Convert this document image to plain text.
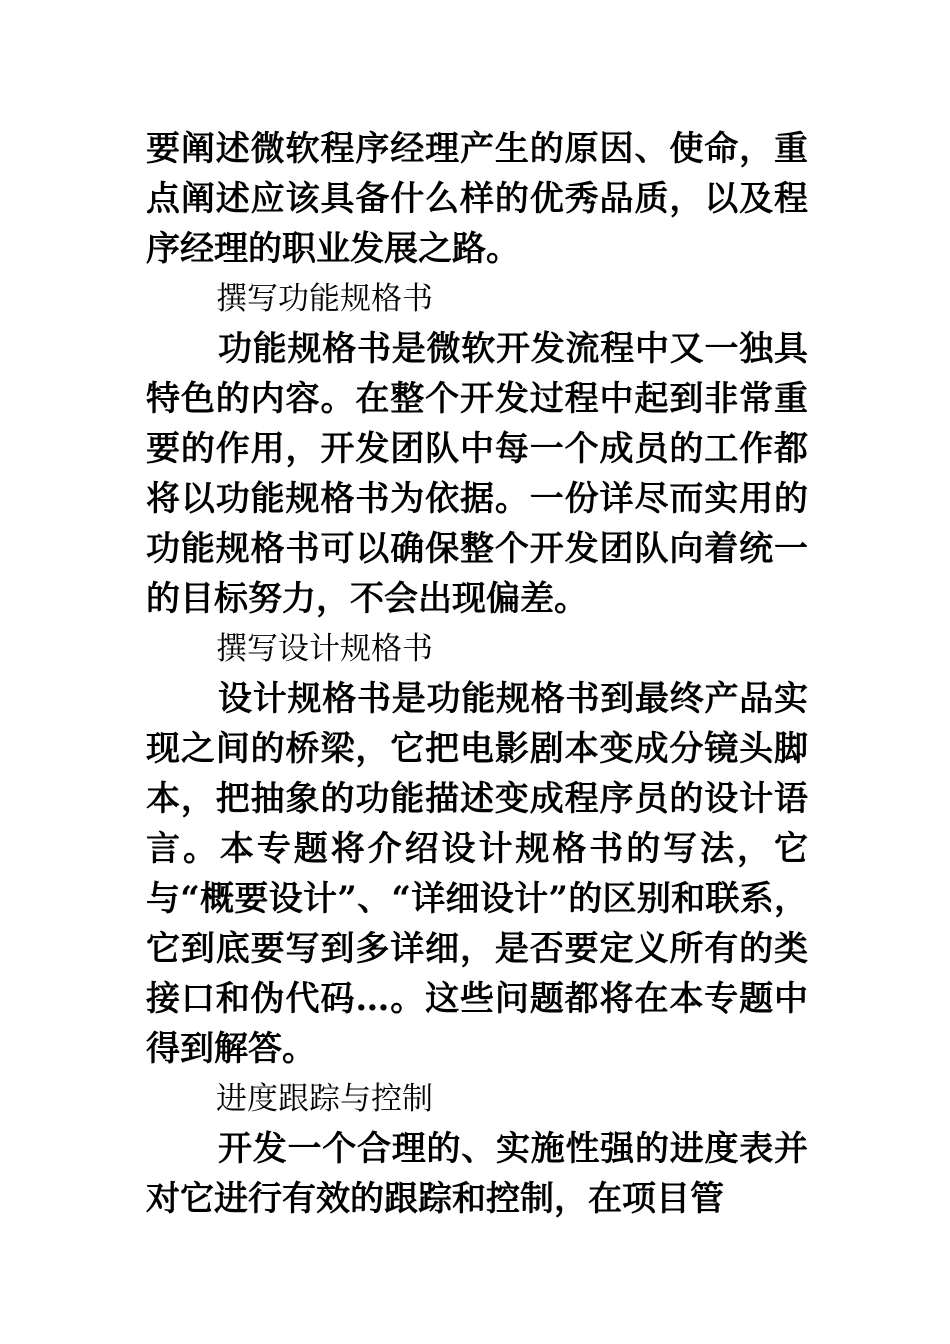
要阐述微软程序经理产生的原因、使命，重点阐述应该具备什么样的优秀品质，以及程序经理的职业发展之路。

撰写功能规格书

功能规格书是微软开发流程中又一独具特色的内容。在整个开发过程中起到非常重要的作用，开发团队中每一个成员的工作都将以功能规格书为依据。一份详尽而实用的功能规格书可以确保整个开发团队向着统一的目标努力，不会出现偏差。

撰写设计规格书

设计规格书是功能规格书到最终产品实现之间的桥梁，它把电影剧本变成分镜头脚本，把抽象的功能描述变成程序员的设计语言。本专题将介绍设计规格书的写法，它与“概要设计”、“详细设计”的区别和联系，它到底要写到多详细，是否要定义所有的类接口和伪代码…。这些问题都将在本专题中得到解答。

进度跟踪与控制

开发一个合理的、实施性强的进度表并对它进行有效的跟踪和控制，在项目管
